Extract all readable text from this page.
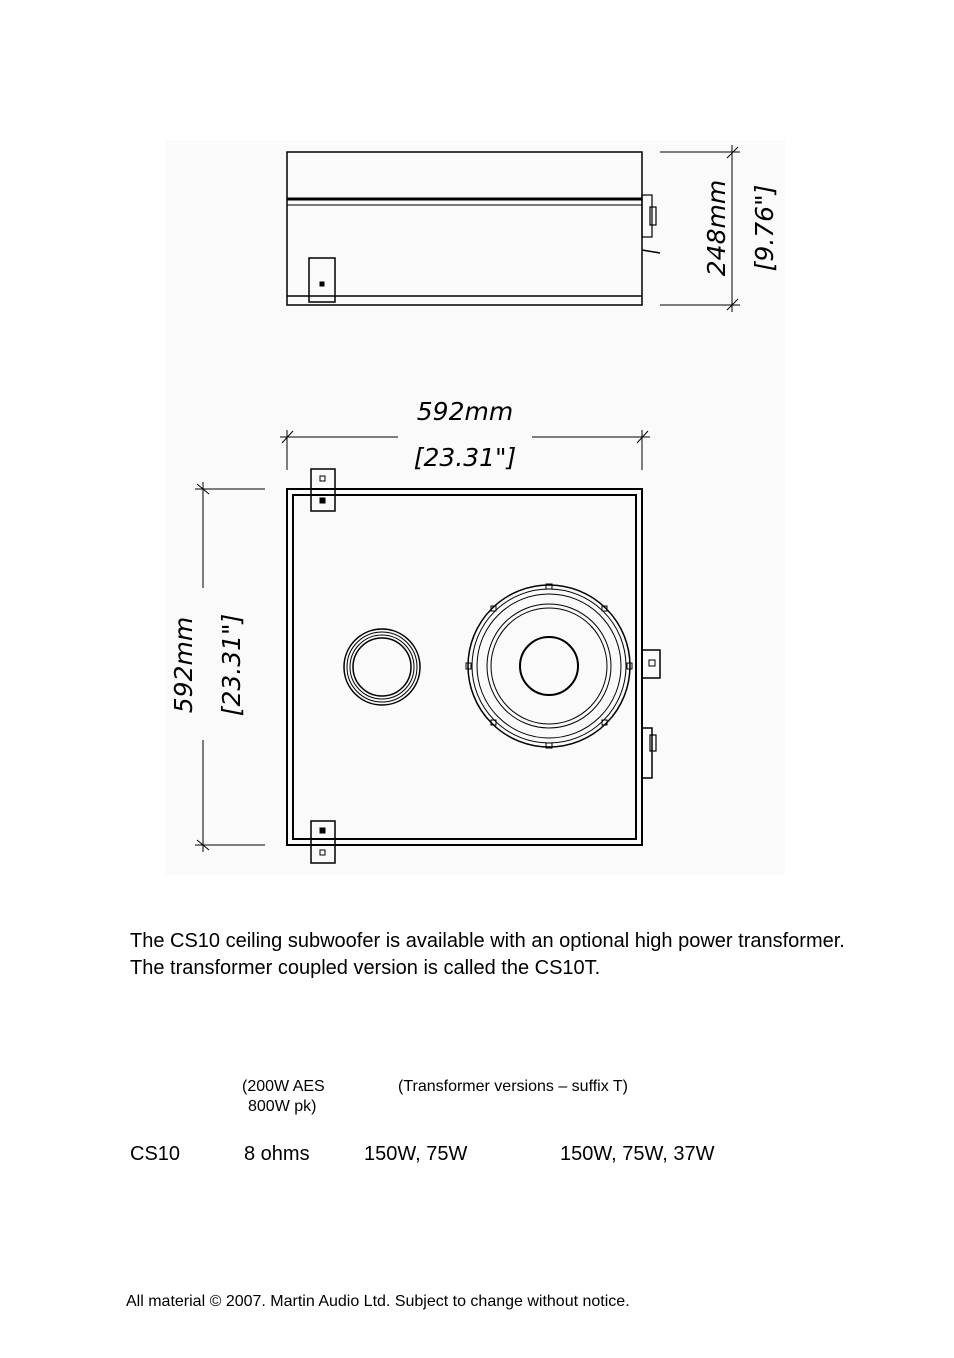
248mm [9.76"]
592mm
[23.31"]
592mm [23.31"]
The CS10 ceiling subwoofer is available with an optional high power transformer. The transformer coupled version is called the CS10T.
(200W AES
800W pk)
(Transformer versions – suffix T)
CS10	8 ohms	150W, 75W	150W, 75W, 37W
All material © 2007. Martin Audio Ltd. Subject to change without notice.
